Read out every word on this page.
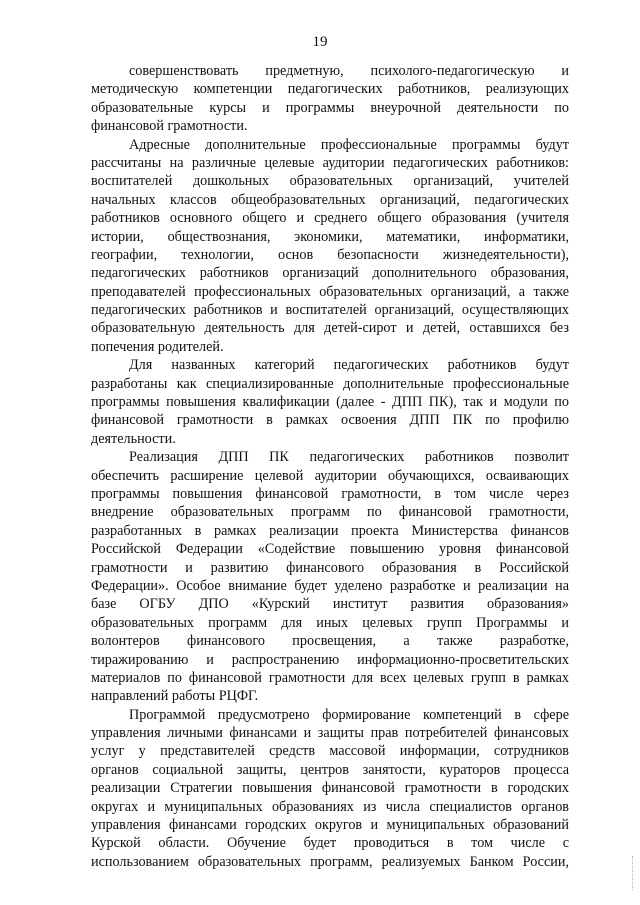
19

совершенствовать предметную, психолого-педагогическую и
методическую компетенции педагогических работников, реализующих
образовательные курсы и программы внеурочной деятельности по
финансовой грамотности.

Адресные дополнительные профессиональные программы будут
рассчитаны на различные целевые аудитории педагогических работников:
воспитателей дошкольных образовательных организаций, учителей
начальных классов общеобразовательных организаций, педагогических
работников основного общего и среднего общего образования (учителя
истории, обществознания, экономики, математики, информатики,
географии, технологии, основ безопасности жизнедеятельности),
педагогических работников организаций дополнительного образования,
преподавателей профессиональных образовательных организаций, а также
педагогических работников и воспитателей организаций, осуществляющих
образовательную деятельность для детей-сирот и детей, оставшихся без
попечения родителей.

Для названных категорий педагогических работников будут
разработаны как специализированные дополнительные профессиональные
программы повышения квалификации (далее - ДПП ПК), так и модули по
финансовой грамотности в рамках освоения ДПП ПК по профилю
деятельности.

Реализация ДПП ПК педагогических работников позволит
обеспечить расширение целевой аудитории обучающихся, осваивающих
программы повышения финансовой грамотности, в том числе через
внедрение образовательных программ по финансовой грамотности,
разработанных в рамках реализации проекта Министерства финансов
Российской Федерации «Содействие повышению уровня финансовой
грамотности и развитию финансового образования в Российской
Федерации». Особое внимание будет уделено разработке и реализации на
базе ОГБУ ДПО «Курский институт развития образования»
образовательных программ для иных целевых групп Программы и
волонтеров финансового просвещения, а также разработке,
тиражированию и распространению информационно-просветительских
материалов по финансовой грамотности для всех целевых групп в рамках
направлений работы РЦФГ.

Программой предусмотрено формирование компетенций в сфере
управления личными финансами и защиты прав потребителей финансовых
услуг у представителей средств массовой информации, сотрудников
органов социальной защиты, центров занятости, кураторов процесса
реализации Стратегии повышения финансовой грамотности в городских
округах и муниципальных образованиях из числа специалистов органов
управления финансами городских округов и муниципальных образований
Курской области. Обучение будет проводиться в том числе с
использованием образовательных программ, реализуемых Банком России,
